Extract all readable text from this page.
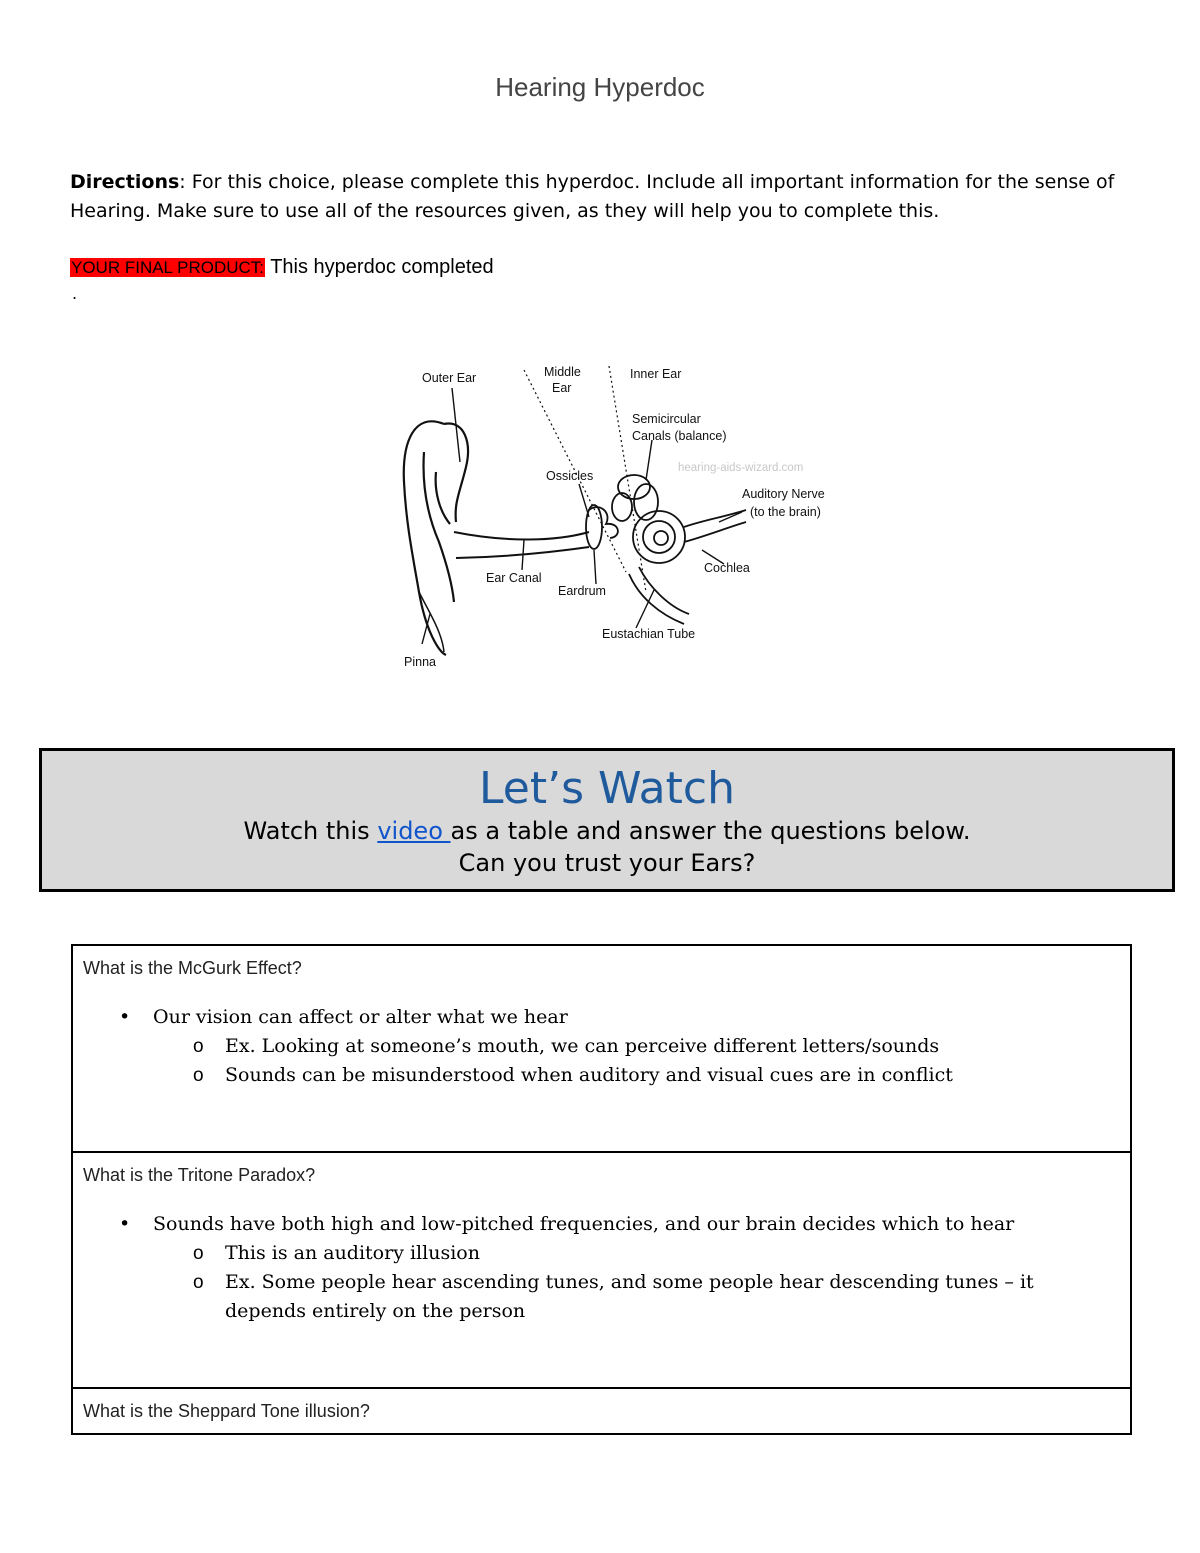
Hearing Hyperdoc
Directions: For this choice, please complete this hyperdoc. Include all important information for the sense of Hearing. Make sure to use all of the resources given, as they will help you to complete this.
YOUR FINAL PRODUCT: This hyperdoc completed
.
Outer Ear	Middle
Ear
Inner Ear
Semicircular
Canals (balance)
hearing-aids-wizard.com
Ossicles
Auditory Nerve
(to the brain)
Ear Canal
Eardrum
Cochlea
Eustachian Tube
Pinna
Let’s Watch
Watch this video as a table and answer the questions below.
Can you trust your Ears?
What is the McGurk Effect?
• Our vision can affect or alter what we hear
o Ex. Looking at someone’s mouth, we can perceive different letters/sounds
o Sounds can be misunderstood when auditory and visual cues are in conflict

What is the Tritone Paradox?
• Sounds have both high and low-pitched frequencies, and our brain decides which to hear
o This is an auditory illusion
o Ex. Some people hear ascending tunes, and some people hear descending tunes – it depends entirely on the person

What is the Sheppard Tone illusion?
